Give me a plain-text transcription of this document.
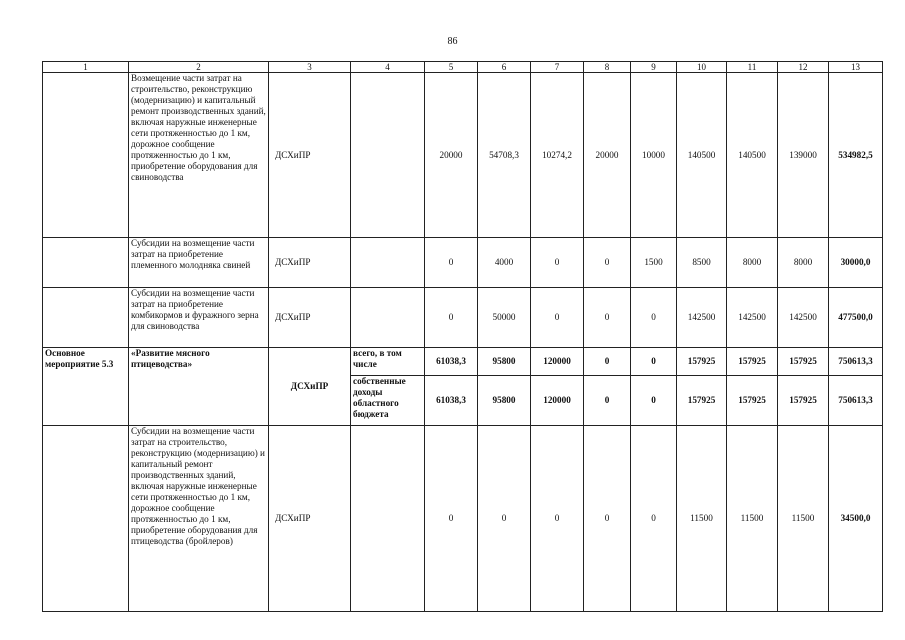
86
1	2	3	4	5	6	7	8	9	10	11	12	13
	Возмещение части затрат на строительство, реконструкцию (модернизацию) и капитальный ремонт производственных зданий, включая наружные инженерные сети протяженностью до 1 км, дорожное сообщение протяженностью до 1 км, приобретение оборудования для свиноводства	ДСХиПР		20000	54708,3	10274,2	20000	10000	140500	140500	139000	534982,5
	Субсидии на возмещение части затрат на приобретение племенного молодняка свиней	ДСХиПР		0	4000	0	0	1500	8500	8000	8000	30000,0
	Субсидии на возмещение части затрат на приобретение комбикормов и фуражного зерна для свиноводства	ДСХиПР		0	50000	0	0	0	142500	142500	142500	477500,0
Основное мероприятие 5.3	«Развитие мясного птицеводства»	ДСХиПР	всего, в том числе	61038,3	95800	120000	0	0	157925	157925	157925	750613,3
			собственные доходы областного бюджета	61038,3	95800	120000	0	0	157925	157925	157925	750613,3
	Субсидии на возмещение части затрат на строительство, реконструкцию (модернизацию) и капитальный ремонт производственных зданий, включая наружные инженерные сети протяженностью до 1 км, дорожное сообщение протяженностью до 1 км, приобретение оборудования для птицеводства (бройлеров)	ДСХиПР		0	0	0	0	0	11500	11500	11500	34500,0
